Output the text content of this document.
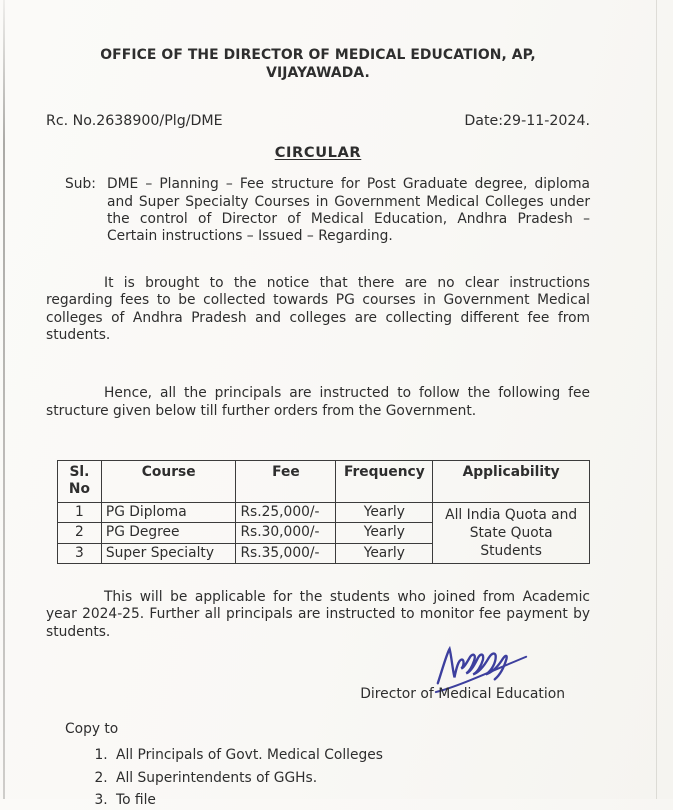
OFFICE OF THE DIRECTOR OF MEDICAL EDUCATION, AP, VIJAYAWADA.
Rc. No.2638900/Plg/DME	Date:29-11-2024.
CIRCULAR
Sub: DME – Planning – Fee structure for Post Graduate degree, diploma and Super Specialty Courses in Government Medical Colleges under the control of Director of Medical Education, Andhra Pradesh – Certain instructions – Issued – Regarding.

It is brought to the notice that there are no clear instructions regarding fees to be collected towards PG courses in Government Medical colleges of Andhra Pradesh and colleges are collecting different fee from students.

Hence, all the principals are instructed to follow the following fee structure given below till further orders from the Government.

Sl. No	Course	Fee	Frequency	Applicability
1	PG Diploma	Rs.25,000/-	Yearly	All India Quota and
State Quota
Students

2	PG Degree	Rs.30,000/-	Yearly	
3	Super Specialty	Rs.35,000/-	Yearly	

This will be applicable for the students who joined from Academic year 2024-25. Further all principals are instructed to monitor fee payment by students.

Director of Medical Education
Copy to
1. All Principals of Govt. Medical Colleges
2. All Superintendents of GGHs.
3. To file
